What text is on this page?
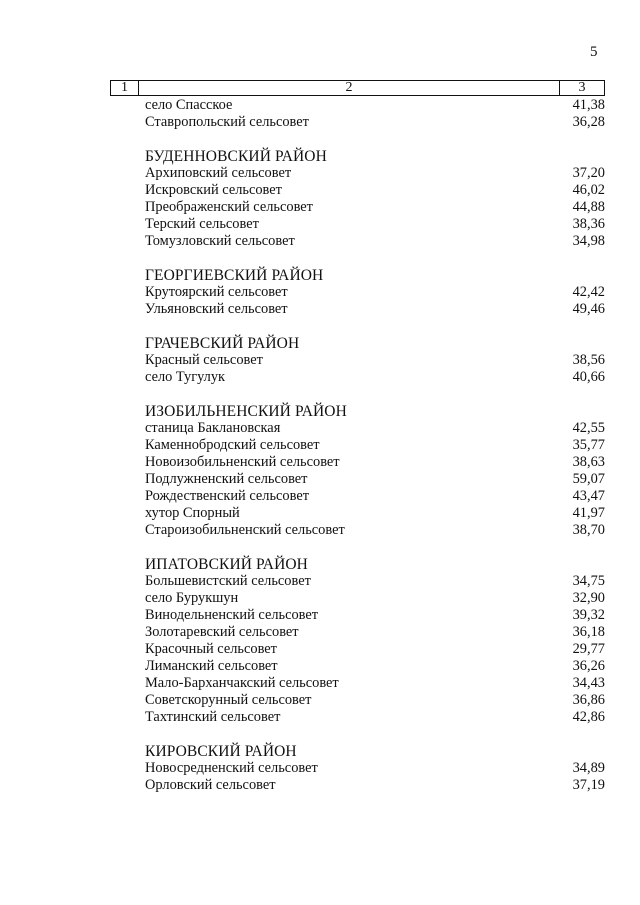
5
1	2	3
село Спасское	41,38
Ставропольский сельсовет	36,28
БУДЕННОВСКИЙ РАЙОН
Архиповский сельсовет	37,20
Искровский сельсовет	46,02
Преображенский сельсовет	44,88
Терский сельсовет	38,36
Томузловский сельсовет	34,98
ГЕОРГИЕВСКИЙ РАЙОН
Крутоярский сельсовет	42,42
Ульяновский сельсовет	49,46
ГРАЧЕВСКИЙ РАЙОН
Красный сельсовет	38,56
село Тугулук	40,66
ИЗОБИЛЬНЕНСКИЙ РАЙОН
станица Баклановская	42,55
Каменнобродский сельсовет	35,77
Новоизобильненский сельсовет	38,63
Подлужненский сельсовет	59,07
Рождественский сельсовет	43,47
хутор Спорный	41,97
Староизобильненский сельсовет	38,70
ИПАТОВСКИЙ РАЙОН
Большевистский сельсовет	34,75
село Бурукшун	32,90
Винодельненский сельсовет	39,32
Золотаревский сельсовет	36,18
Красочный сельсовет	29,77
Лиманский сельсовет	36,26
Мало-Барханчакский сельсовет	34,43
Советскорунный сельсовет	36,86
Тахтинский сельсовет	42,86
КИРОВСКИЙ РАЙОН
Новосредненский сельсовет	34,89
Орловский сельсовет	37,19
